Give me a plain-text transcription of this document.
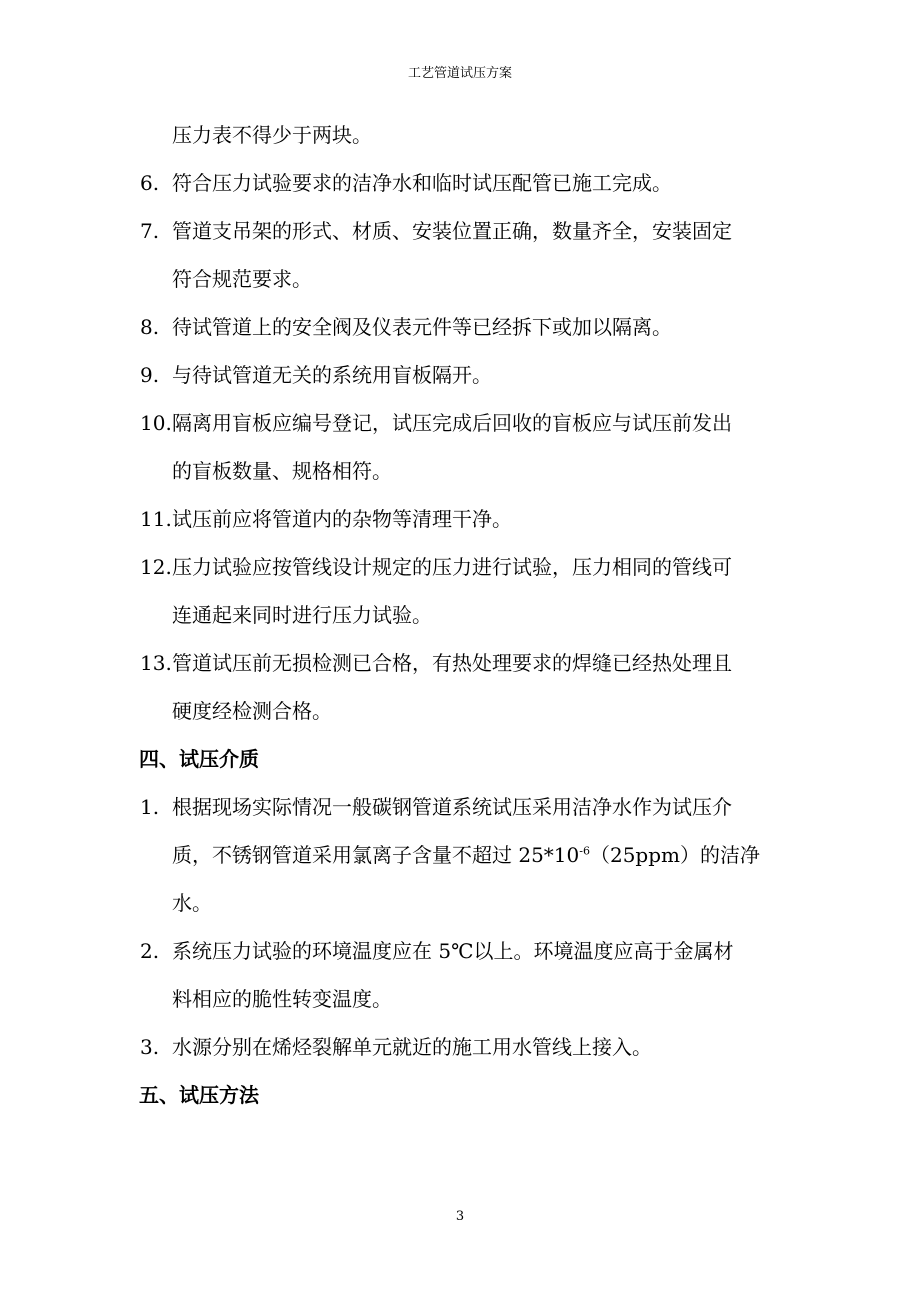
工艺管道试压方案
压力表不得少于两块。
6. 符合压力试验要求的洁净水和临时试压配管已施工完成。
7. 管道支吊架的形式、材质、安装位置正确，数量齐全，安装固定
符合规范要求。
8. 待试管道上的安全阀及仪表元件等已经拆下或加以隔离。
9. 与待试管道无关的系统用盲板隔开。
10. 隔离用盲板应编号登记，试压完成后回收的盲板应与试压前发出
的盲板数量、规格相符。
11. 试压前应将管道内的杂物等清理干净。
12. 压力试验应按管线设计规定的压力进行试验，压力相同的管线可
连通起来同时进行压力试验。
13. 管道试压前无损检测已合格，有热处理要求的焊缝已经热处理且
硬度经检测合格。
四、试压介质
1. 根据现场实际情况一般碳钢管道系统试压采用洁净水作为试压介
质，不锈钢管道采用氯离子含量不超过 $25*10^{-6}(25ppm)$的洁净
水。
2. 系统压力试验的环境温度应在 5℃以上。环境温度应高于金属材
料相应的脆性转变温度。
3. 水源分别在烯烃裂解单元就近的施工用水管线上接入。
五、试压方法
3
